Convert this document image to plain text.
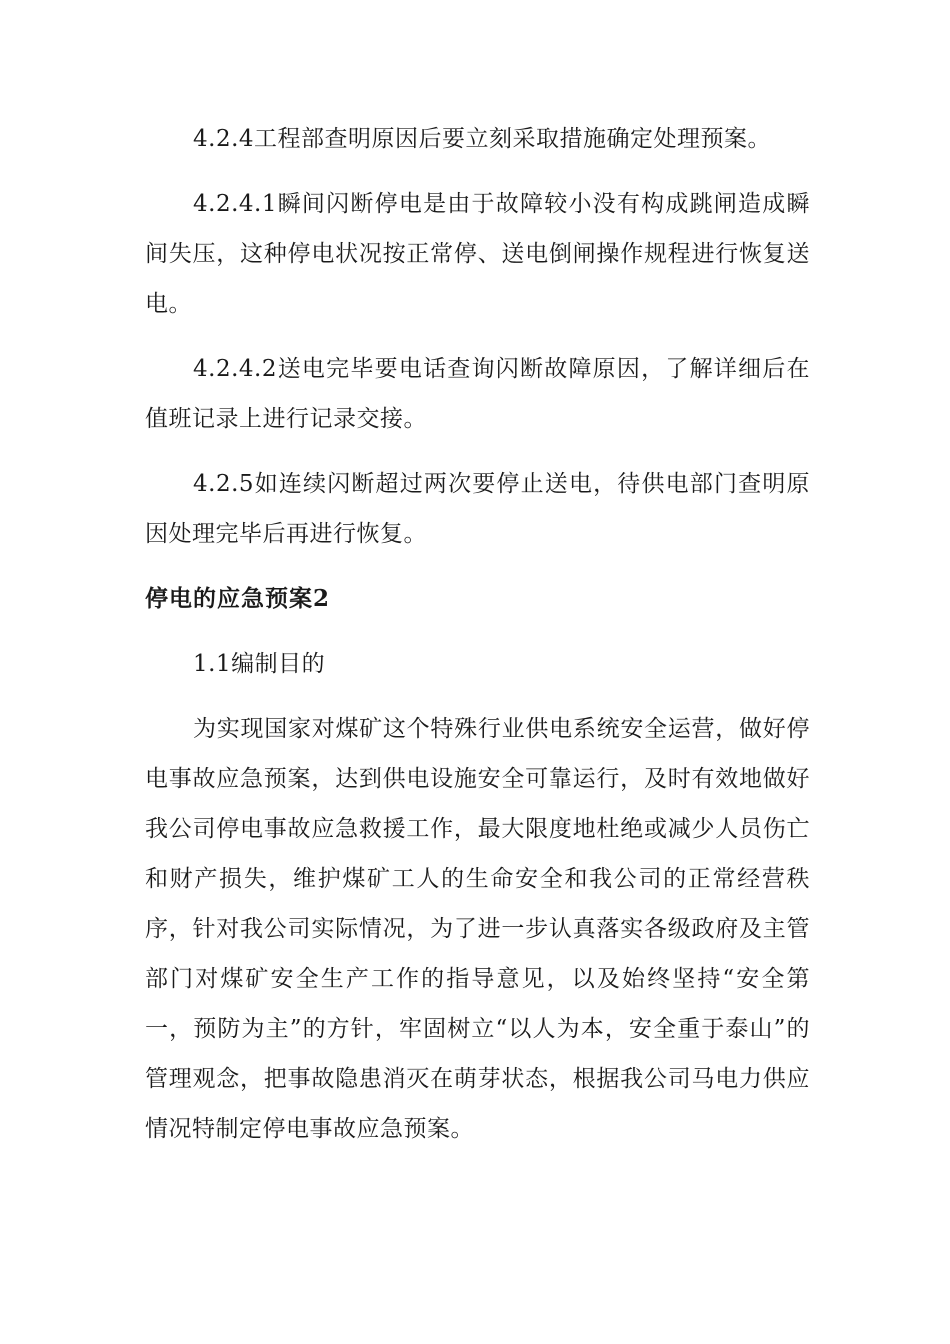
4.2.4工程部查明原因后要立刻采取措施确定处理预案。

4.2.4.1瞬间闪断停电是由于故障较小没有构成跳闸造成瞬间失压，这种停电状况按正常停、送电倒闸操作规程进行恢复送电。

4.2.4.2送电完毕要电话查询闪断故障原因，了解详细后在值班记录上进行记录交接。

4.2.5如连续闪断超过两次要停止送电，待供电部门查明原因处理完毕后再进行恢复。

停电的应急预案2

1.1编制目的

为实现国家对煤矿这个特殊行业供电系统安全运营，做好停电事故应急预案，达到供电设施安全可靠运行，及时有效地做好我公司停电事故应急救援工作，最大限度地杜绝或减少人员伤亡和财产损失，维护煤矿工人的生命安全和我公司的正常经营秩序，针对我公司实际情况，为了进一步认真落实各级政府及主管部门对煤矿安全生产工作的指导意见，以及始终坚持“安全第一，预防为主”的方针，牢固树立“以人为本，安全重于泰山”的管理观念，把事故隐患消灭在萌芽状态，根据我公司马电力供应情况特制定停电事故应急预案。
